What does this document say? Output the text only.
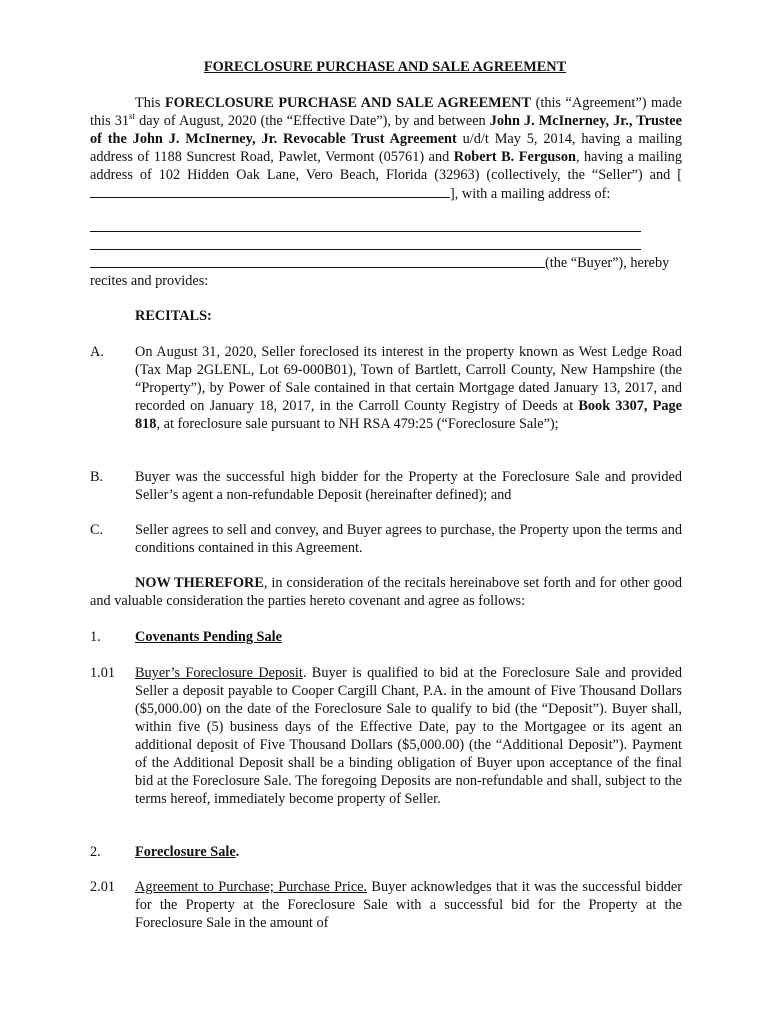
FORECLOSURE PURCHASE AND SALE AGREEMENT
This FORECLOSURE PURCHASE AND SALE AGREEMENT (this “Agreement”) made this 31st day of August, 2020 (the “Effective Date”), by and between John J. McInerney, Jr., Trustee of the John J. McInerney, Jr. Revocable Trust Agreement u/d/t May 5, 2014, having a mailing address of 1188 Suncrest Road, Pawlet, Vermont (05761) and Robert B. Ferguson, having a mailing address of 102 Hidden Oak Lane, Vero Beach, Florida (32963) (collectively, the “Seller”) and [], with a mailing address of:
(the “Buyer”), hereby
recites and provides:
RECITALS:
A. On August 31, 2020, Seller foreclosed its interest in the property known as West Ledge Road (Tax Map 2GLENL, Lot 69-000B01), Town of Bartlett, Carroll County, New Hampshire (the “Property”), by Power of Sale contained in that certain Mortgage dated January 13, 2017, and recorded on January 18, 2017, in the Carroll County Registry of Deeds at Book 3307, Page 818, at foreclosure sale pursuant to NH RSA 479:25 (“Foreclosure Sale”);
B. Buyer was the successful high bidder for the Property at the Foreclosure Sale and provided Seller’s agent a non-refundable Deposit (hereinafter defined); and
C. Seller agrees to sell and convey, and Buyer agrees to purchase, the Property upon the terms and conditions contained in this Agreement.
NOW THEREFORE, in consideration of the recitals hereinabove set forth and for other good and valuable consideration the parties hereto covenant and agree as follows:
1. Covenants Pending Sale
1.01 Buyer’s Foreclosure Deposit. Buyer is qualified to bid at the Foreclosure Sale and provided Seller a deposit payable to Cooper Cargill Chant, P.A. in the amount of Five Thousand Dollars ($5,000.00) on the date of the Foreclosure Sale to qualify to bid (the “Deposit”). Buyer shall, within five (5) business days of the Effective Date, pay to the Mortgagee or its agent an additional deposit of Five Thousand Dollars ($5,000.00) (the “Additional Deposit”). Payment of the Additional Deposit shall be a binding obligation of Buyer upon acceptance of the final bid at the Foreclosure Sale. The foregoing Deposits are non-refundable and shall, subject to the terms hereof, immediately become property of Seller.
2. Foreclosure Sale.
2.01 Agreement to Purchase; Purchase Price. Buyer acknowledges that it was the successful bidder for the Property at the Foreclosure Sale with a successful bid for the Property at the Foreclosure Sale in the amount of
